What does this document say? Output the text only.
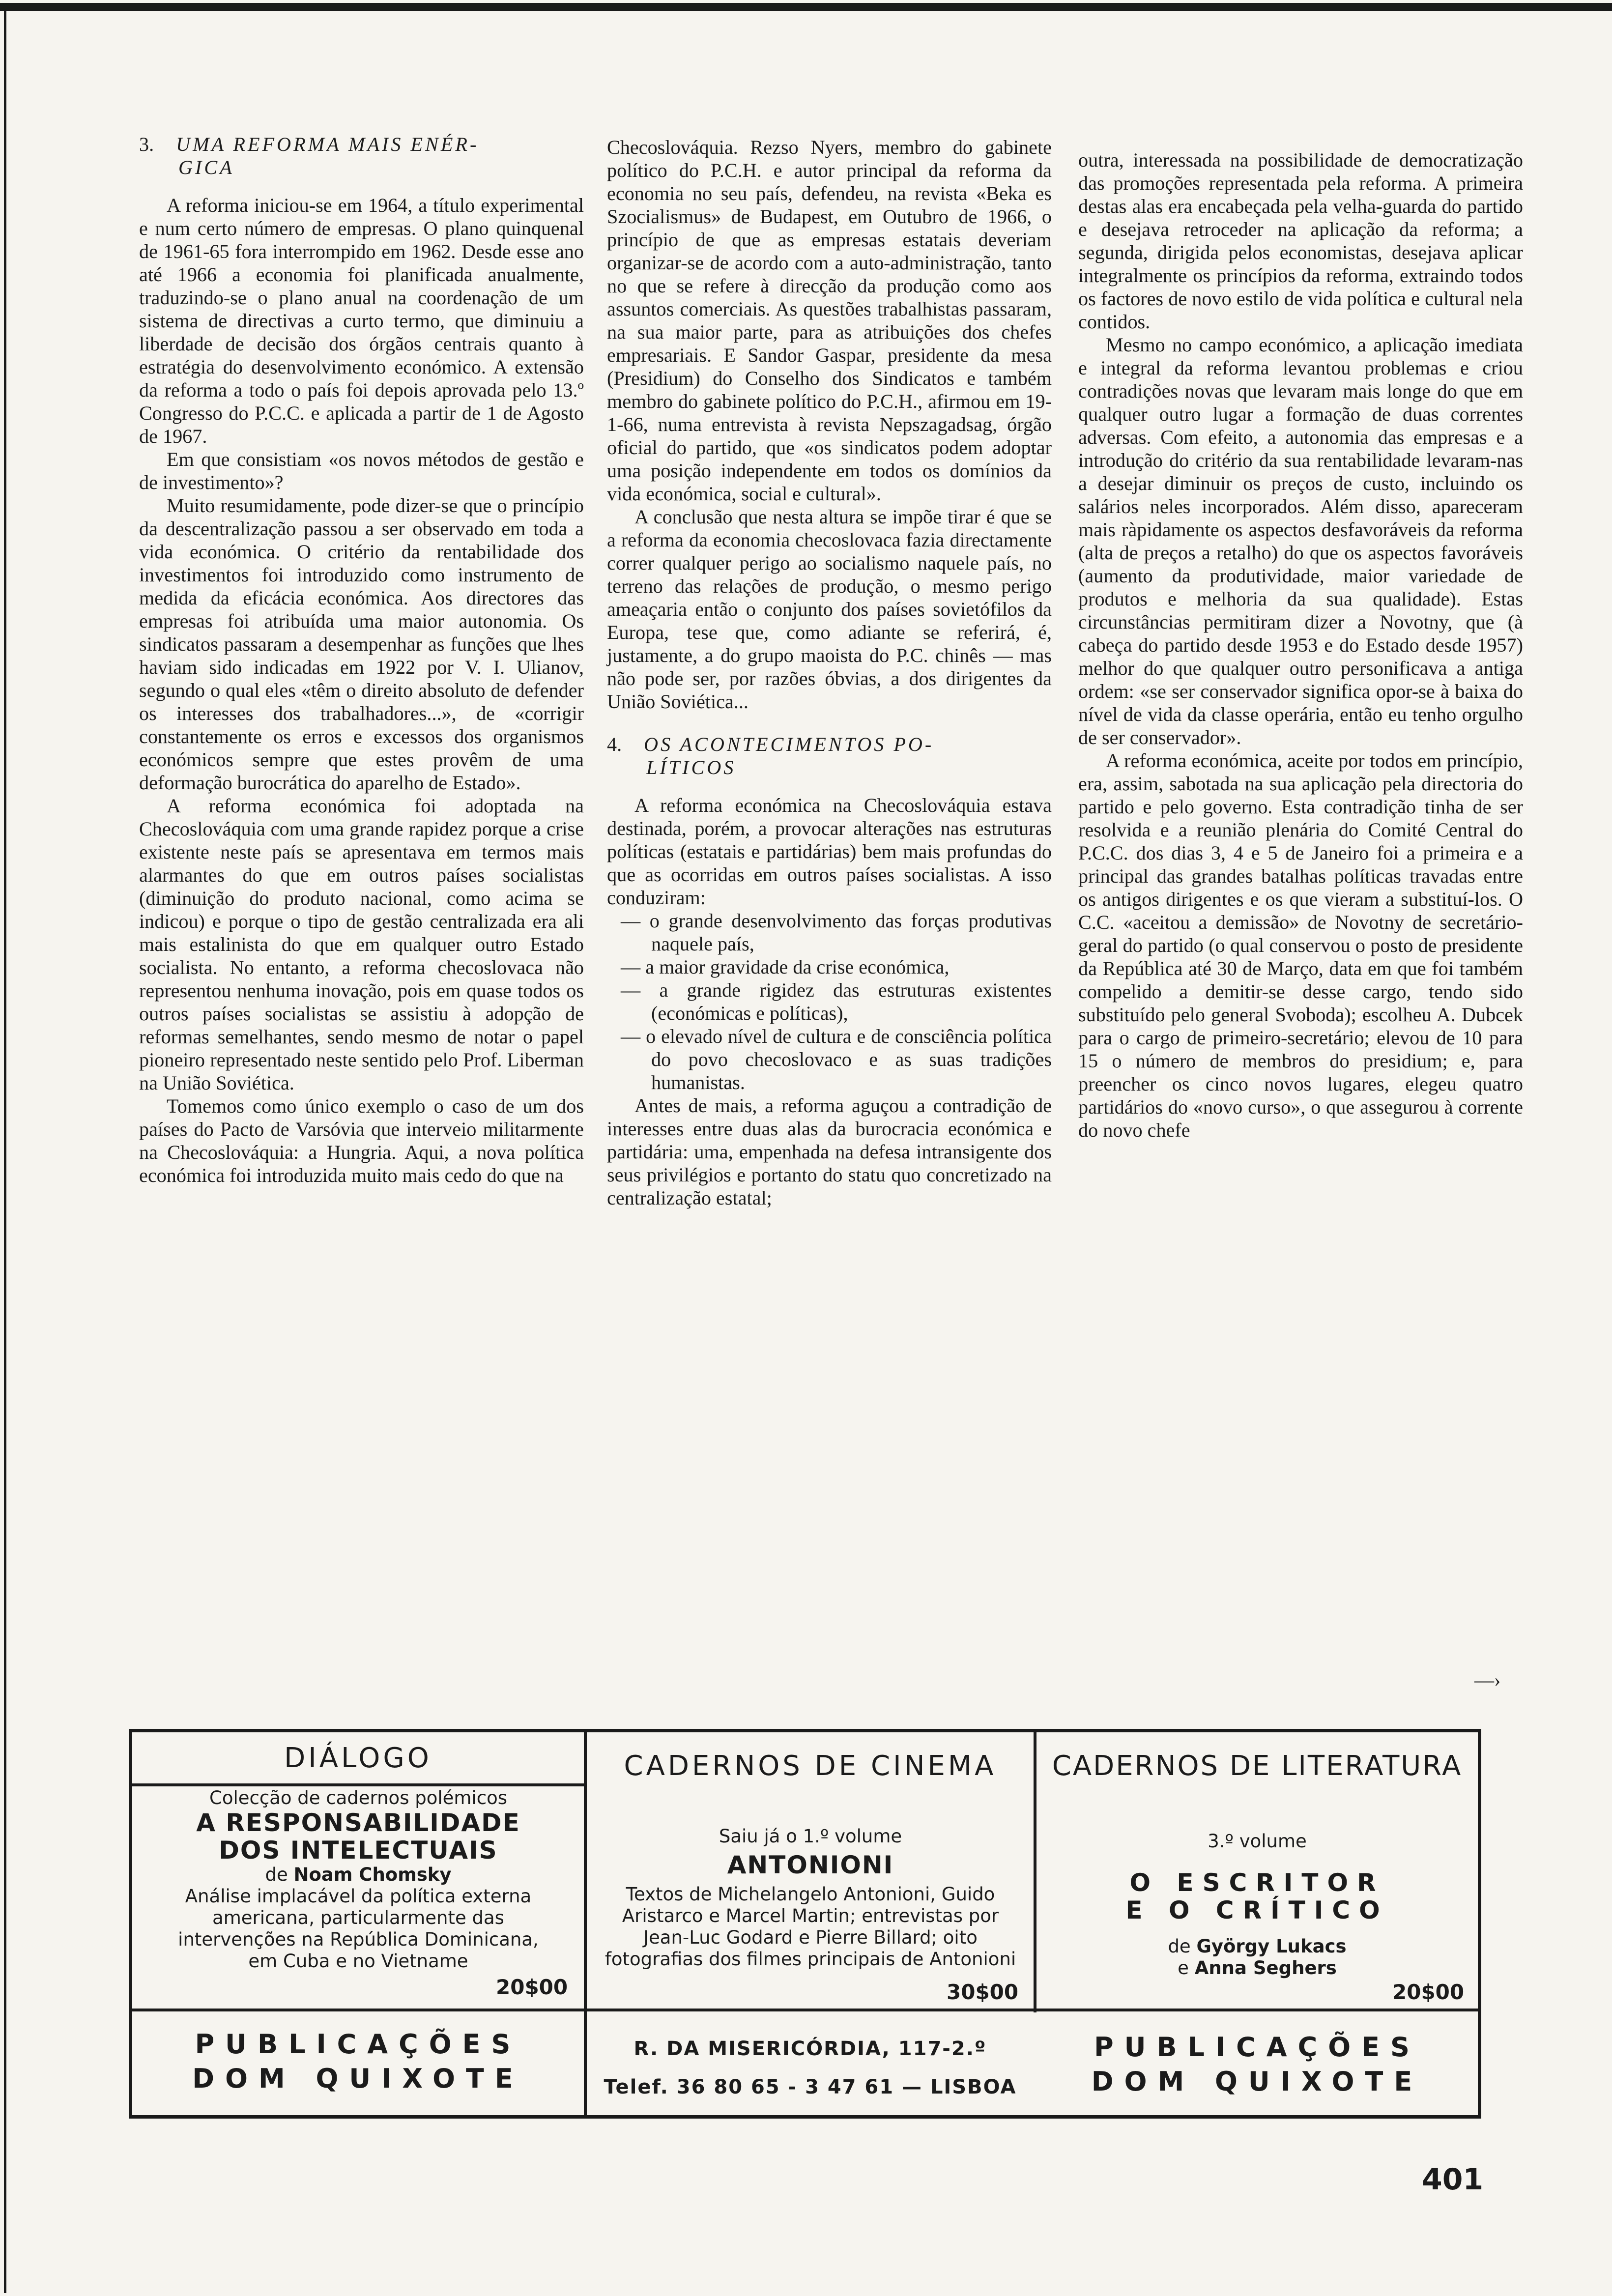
3. UMA REFORMA MAIS ENÉR-
GICA

A reforma iniciou-se em 1964, a título experimental e num certo número de empresas. O plano quinquenal de 1961-65 fora interrompido em 1962. Desde esse ano até 1966 a economia foi planificada anualmente, traduzindo-se o plano anual na coordenação de um sistema de directivas a curto termo, que diminuiu a liberdade de decisão dos órgãos centrais quanto à estratégia do desenvolvimento económico. A extensão da reforma a todo o país foi depois aprovada pelo 13.º Congresso do P.C.C. e aplicada a partir de 1 de Agosto de 1967.

Em que consistiam «os novos métodos de gestão e de investimento»?

Muito resumidamente, pode dizer-se que o princípio da descentralização passou a ser observado em toda a vida económica. O critério da rentabilidade dos investimentos foi introduzido como instrumento de medida da eficácia económica. Aos directores das empresas foi atribuída uma maior autonomia. Os sindicatos passaram a desempenhar as funções que lhes haviam sido indicadas em 1922 por V. I. Ulianov, segundo o qual eles «têm o direito absoluto de defender os interesses dos trabalhadores...», de «corrigir constantemente os erros e excessos dos organismos económicos sempre que estes provêm de uma deformação burocrática do aparelho de Estado».

A reforma económica foi adoptada na Checoslováquia com uma grande rapidez porque a crise existente neste país se apresentava em termos mais alarmantes do que em outros países socialistas (diminuição do produto nacional, como acima se indicou) e porque o tipo de gestão centralizada era ali mais estalinista do que em qualquer outro Estado socialista. No entanto, a reforma checoslovaca não representou nenhuma inovação, pois em quase todos os outros países socialistas se assistiu à adopção de reformas semelhantes, sendo mesmo de notar o papel pioneiro representado neste sentido pelo Prof. Liberman na União Soviética.

Tomemos como único exemplo o caso de um dos países do Pacto de Varsóvia que interveio militarmente na Checoslováquia: a Hungria. Aqui, a nova política económica foi introduzida muito mais cedo do que na

Checoslováquia. Rezso Nyers, membro do gabinete político do P.C.H. e autor principal da reforma da economia no seu país, defendeu, na revista «Beka es Szocialismus» de Budapest, em Outubro de 1966, o princípio de que as empresas estatais deveriam organizar-se de acordo com a auto-administração, tanto no que se refere à direcção da produção como aos assuntos comerciais. As questões trabalhistas passaram, na sua maior parte, para as atribuições dos chefes empresariais. E Sandor Gaspar, presidente da mesa (Presidium) do Conselho dos Sindicatos e também membro do gabinete político do P.C.H., afirmou em 19-1-66, numa entrevista à revista Nepszagadsag, órgão oficial do partido, que «os sindicatos podem adoptar uma posição independente em todos os domínios da vida económica, social e cultural».

A conclusão que nesta altura se impõe tirar é que se a reforma da economia checoslovaca fazia directamente correr qualquer perigo ao socialismo naquele país, no terreno das relações de produção, o mesmo perigo ameaçaria então o conjunto dos países sovietófilos da Europa, tese que, como adiante se referirá, é, justamente, a do grupo maoista do P.C. chinês — mas não pode ser, por razões óbvias, a dos dirigentes da União Soviética...

4. OS ACONTECIMENTOS PO-
LÍTICOS

A reforma económica na Checoslováquia estava destinada, porém, a provocar alterações nas estruturas políticas (estatais e partidárias) bem mais profundas do que as ocorridas em outros países socialistas. A isso conduziram:

— o grande desenvolvimento das forças produtivas naquele país,
— a maior gravidade da crise económica,
— a grande rigidez das estruturas existentes (económicas e políticas),
— o elevado nível de cultura e de consciência política do povo checoslovaco e as suas tradições humanistas.

Antes de mais, a reforma aguçou a contradição de interesses entre duas alas da burocracia económica e partidária: uma, empenhada na defesa intransigente dos seus privilégios e portanto do statu quo concretizado na centralização estatal;

outra, interessada na possibilidade de democratização das promoções representada pela reforma. A primeira destas alas era encabeçada pela velha-guarda do partido e desejava retroceder na aplicação da reforma; a segunda, dirigida pelos economistas, desejava aplicar integralmente os princípios da reforma, extraindo todos os factores de novo estilo de vida política e cultural nela contidos.

Mesmo no campo económico, a aplicação imediata e integral da reforma levantou problemas e criou contradições novas que levaram mais longe do que em qualquer outro lugar a formação de duas correntes adversas. Com efeito, a autonomia das empresas e a introdução do critério da sua rentabilidade levaram-nas a desejar diminuir os preços de custo, incluindo os salários neles incorporados. Além disso, apareceram mais ràpidamente os aspectos desfavoráveis da reforma (alta de preços a retalho) do que os aspectos favoráveis (aumento da produtividade, maior variedade de produtos e melhoria da sua qualidade). Estas circunstâncias permitiram dizer a Novotny, que (à cabeça do partido desde 1953 e do Estado desde 1957) melhor do que qualquer outro personificava a antiga ordem: «se ser conservador significa opor-se à baixa do nível de vida da classe operária, então eu tenho orgulho de ser conservador».

A reforma económica, aceite por todos em princípio, era, assim, sabotada na sua aplicação pela directoria do partido e pelo governo. Esta contradição tinha de ser resolvida e a reunião plenária do Comité Central do P.C.C. dos dias 3, 4 e 5 de Janeiro foi a primeira e a principal das grandes batalhas políticas travadas entre os antigos dirigentes e os que vieram a substituí-los. O C.C. «aceitou a demissão» de Novotny de secretário-geral do partido (o qual conservou o posto de presidente da República até 30 de Março, data em que foi também compelido a demitir-se desse cargo, tendo sido substituído pelo general Svoboda); escolheu A. Dubcek para o cargo de primeiro-secretário; elevou de 10 para 15 o número de membros do presidium; e, para preencher os cinco novos lugares, elegeu quatro partidários do «novo curso», o que assegurou à corrente do novo chefe

—›
DIÁLOGO
Colecção de cadernos polémicos
A RESPONSABILIDADE
DOS INTELECTUAIS
de Noam Chomsky
Análise implacável da política externa americana, particularmente das intervenções na República Dominicana, em Cuba e no Vietname
20$00
CADERNOS DE CINEMA
Saiu já o 1.º volume
ANTONIONI
Textos de Michelangelo Antonioni, Guido Aristarco e Marcel Martin; entrevistas por Jean-Luc Godard e Pierre Billard; oito fotografias dos filmes principais de Antonioni
30$00
CADERNOS DE LITERATURA
3.º volume
O ESCRITOR
E O CRÍTICO
de György Lukacs
e Anna Seghers
20$00
PUBLICAÇÕES
DOM QUIXOTE
R. DA MISERICÓRDIA, 117-2.º
Telef. 36 80 65 - 3 47 61 — LISBOA
PUBLICAÇÕES
DOM QUIXOTE
401
